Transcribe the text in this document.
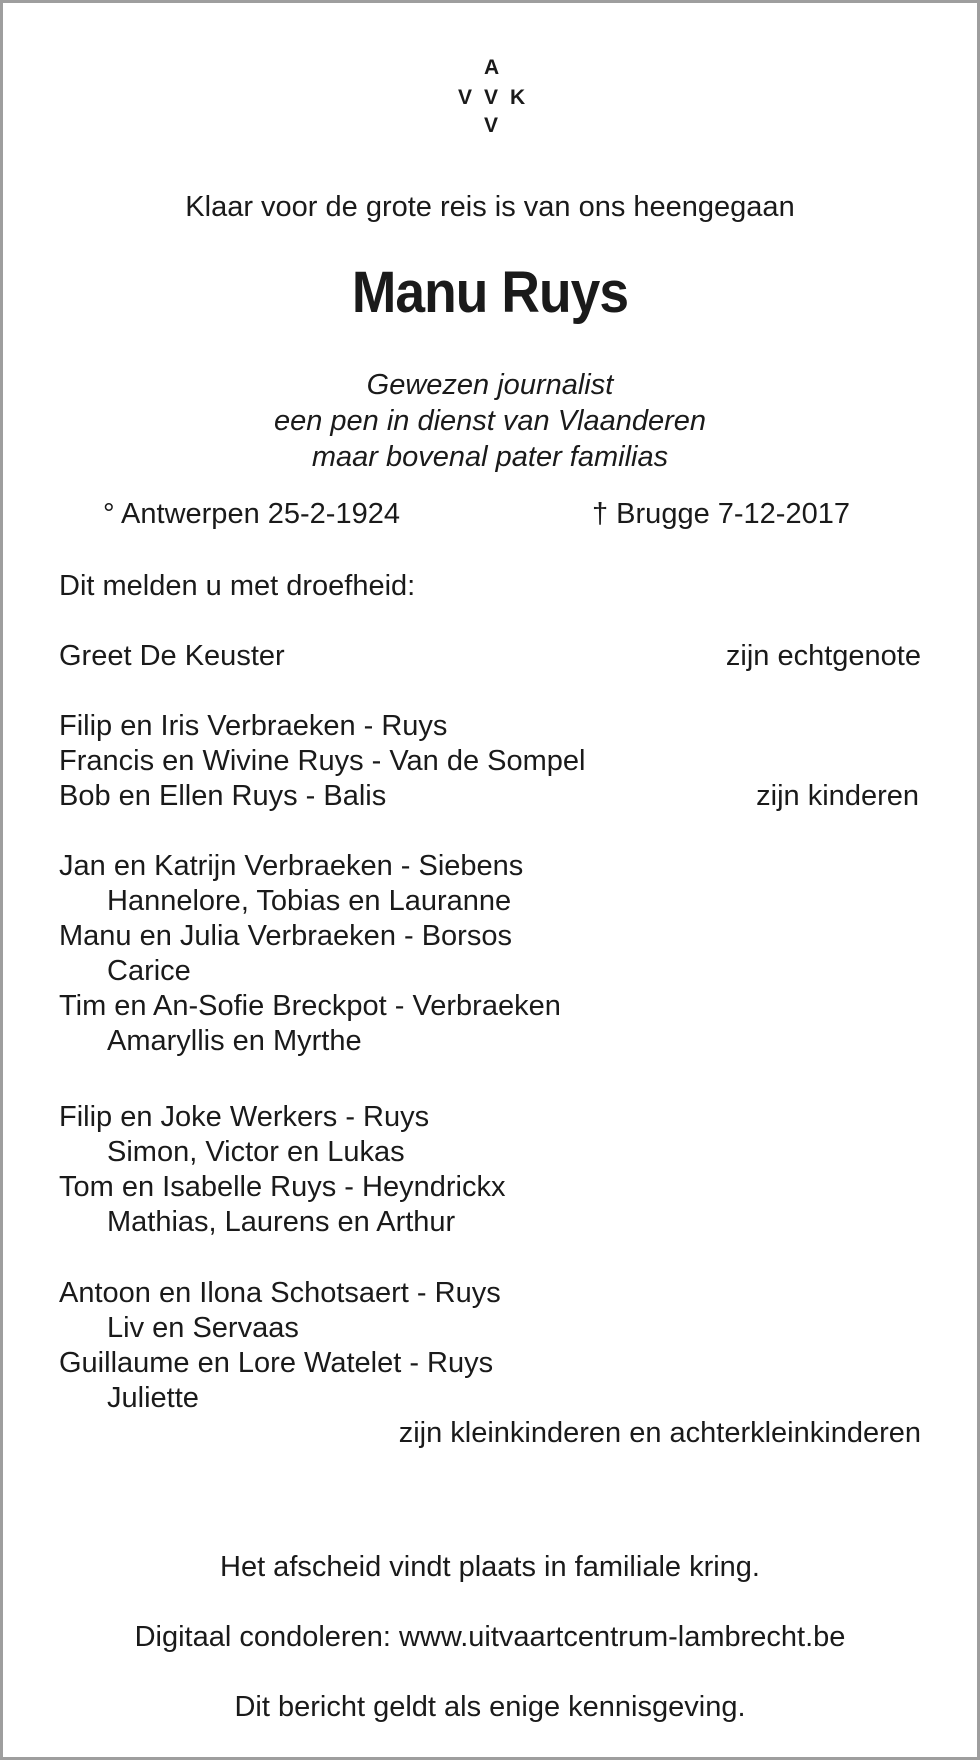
A
V V K
V
Klaar voor de grote reis is van ons heengegaan
Manu Ruys
Gewezen journalist
een pen in dienst van Vlaanderen
maar bovenal pater familias
° Antwerpen 25-2-1924	† Brugge 7-12-2017
Dit melden u met droefheid:
Greet De Keuster	zijn echtgenote
Filip en Iris Verbraeken - Ruys
Francis en Wivine Ruys - Van de Sompel
Bob en Ellen Ruys - Balis	zijn kinderen
Jan en Katrijn Verbraeken - Siebens
Hannelore, Tobias en Lauranne
Manu en Julia Verbraeken - Borsos
Carice
Tim en An-Sofie Breckpot - Verbraeken
Amaryllis en Myrthe
Filip en Joke Werkers - Ruys
Simon, Victor en Lukas
Tom en Isabelle Ruys - Heyndrickx
Mathias, Laurens en Arthur
Antoon en Ilona Schotsaert - Ruys
Liv en Servaas
Guillaume en Lore Watelet - Ruys
Juliette
zijn kleinkinderen en achterkleinkinderen
Het afscheid vindt plaats in familiale kring.
Digitaal condoleren: www.uitvaartcentrum-lambrecht.be
Dit bericht geldt als enige kennisgeving.
